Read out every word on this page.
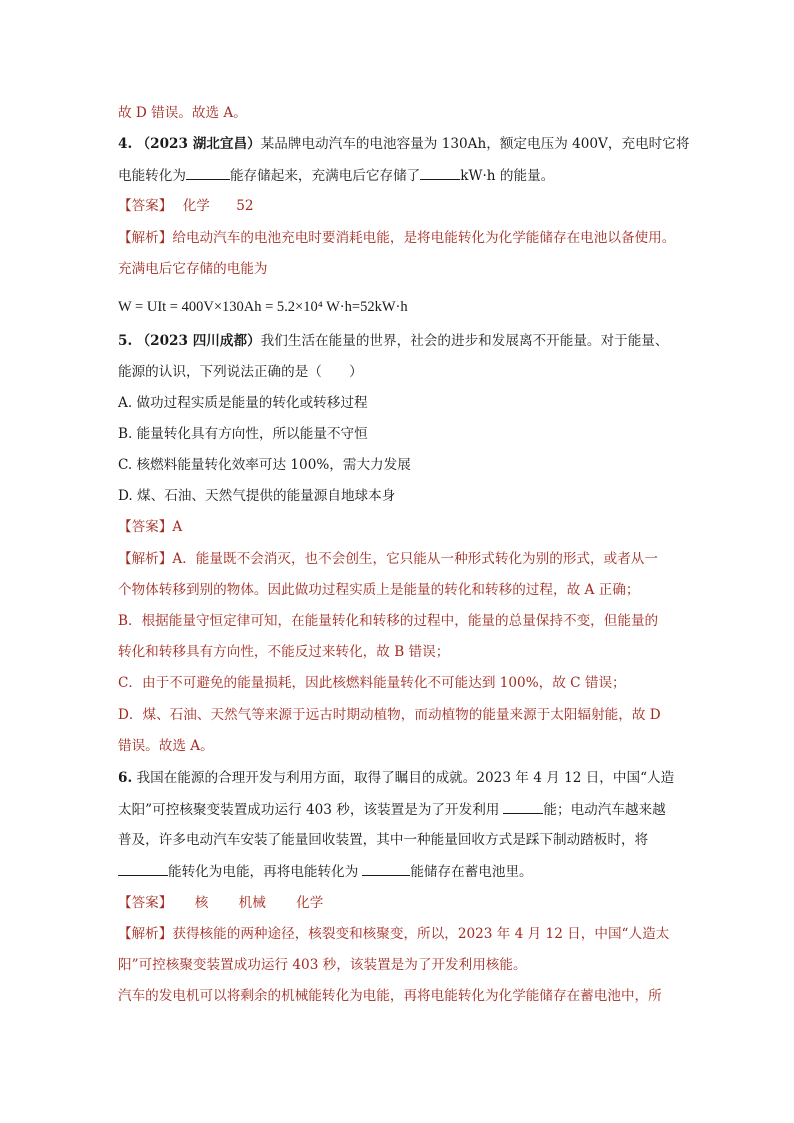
故 D 错误。故选 A。
4. （2023 湖北宜昌）某品牌电动汽车的电池容量为 130Ah，额定电压为 400V，充电时它将
电能转化为	能存储起来，充满电后它存储了	kW·h 的能量。
【答案】 化学 52
【解析】给电动汽车的电池充电时要消耗电能，是将电能转化为化学能储存在电池以备使用。
充满电后它存储的电能为
W = UIt = 400V×130Ah = 5.2×10⁴ W·h=52kW·h
5. （2023 四川成都）我们生活在能量的世界，社会的进步和发展离不开能量。对于能量、
能源的认识，下列说法正确的是（　　）
A. 做功过程实质是能量的转化或转移过程
B. 能量转化具有方向性，所以能量不守恒
C. 核燃料能量转化效率可达 100%，需大力发展
D. 煤、石油、天然气提供的能量源自地球本身
【答案】A
【解析】A．能量既不会消灭，也不会创生，它只能从一种形式转化为别的形式，或者从一
个物体转移到别的物体。因此做功过程实质上是能量的转化和转移的过程，故 A 正确；
B．根据能量守恒定律可知，在能量转化和转移的过程中，能量的总量保持不变，但能量的
转化和转移具有方向性，不能反过来转化，故 B 错误；
C．由于不可避免的能量损耗，因此核燃料能量转化不可能达到 100%，故 C 错误；
D．煤、石油、天然气等来源于远古时期动植物，而动植物的能量来源于太阳辐射能，故 D
错误。故选 A。
6. 我国在能源的合理开发与利用方面，取得了瞩目的成就。2023 年 4 月 12 日，中国“人造
太阳”可控核聚变装置成功运行 403 秒，该装置是为了开发利用	能；电动汽车越来越
普及，许多电动汽车安装了能量回收装置，其中一种能量回收方式是踩下制动踏板时，将
能转化为电能，再将电能转化为	能储存在蓄电池里。
【答案】 核 机械 化学
【解析】获得核能的两种途径，核裂变和核聚变，所以，2023 年 4 月 12 日，中国“人造太
阳”可控核聚变装置成功运行 403 秒，该装置是为了开发利用核能。
汽车的发电机可以将剩余的机械能转化为电能，再将电能转化为化学能储存在蓄电池中，所
